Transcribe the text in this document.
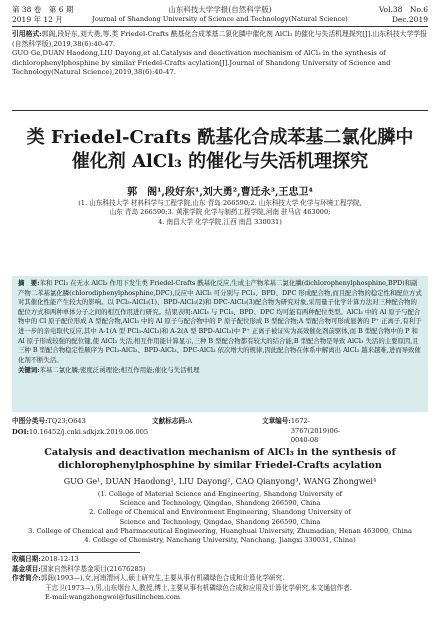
第 38 卷　第 6 期	山东科技大学学报(自然科学版)	Vol.38　No.6
2019 年 12 月	Journal of Shandong University of Science and Technology(Natural Science)	Dec.2019
引用格式:郭阁,段好东,刘大勇,等.类 Friedel-Crafts 酰基化合成苯基二氯化膦中催化剂 AlCl₃ 的催化与失活机理探究[J].山东科技大学学报(自然科学版),2019,38(6):40-47.
GUO Ge,DUAN Haodong,LIU Dayong,et al.Catalysis and deactivation mechanism of AlCl₃ in the synthesis of dichlorophenylphosphine by similar Friedel-Crafts acylation[J].Journal of Shandong University of Science and Technology(Natural Science),2019,38(6):40-47.
类 Friedel-Crafts 酰基化合成苯基二氯化膦中
催化剂 AlCl₃ 的催化与失活机理探究
郭　阁¹,段好东¹,刘大勇²,曹迁永³,王忠卫⁴
(1. 山东科技大学 材料科学与工程学院,山东 青岛 266590;2. 山东科技大学 化学与环境工程学院,
山东 青岛 266590;3. 黄淮学院 化学与制药工程学院,河南 驻马店 463000;
4. 南昌大学 化学学院,江西 南昌 330031)
摘　要:苯和 PCl₃ 在无水 AlCl₃ 作用下发生类 Friedel-Crafts 酰基化反应,生成主产物苯基二氯化膦(dichlorophenylphosphine,BPD)和副产物二苯基氯化膦(chlorodiphenylphosphine,DPC),反应中 AlCl₃ 可分别与 PCl₃、BPD、DPC 形成配合物,而且配合物的稳定性和配位方式对其催化性能产生较大的影响。以 PCl₃-AlCl₃(1)、BPD-AlCl₃(2)和 DPC-AlCl₃(3)配合物为研究对象,采用量子化学计算方法对三种配合物的配位方式和两种单体分子之间的相互作用进行研究。结果表明:AlCl₃ 与 PCl₃、BPD、DPC 均可能有两种配位类型。AlCl₃ 中的 Al 原子与配合物中的 Cl 原子配位形成 A 型配合物,AlCl₃ 中的 Al 原子与配合物中的 P 原子配位形成 B 型配合物;A 型配合物可形成显著的 P⁺ 正离子,有利于进一步的亲电取代反应,其中 A-1(A 型 PCl₃-AlCl₃)和 A-2(A 型 BPD-AlCl₃)中 P⁺ 正离子被证实为高效催化剂前驱体,而 B 型配合物中的 P 和 Al 原子形成较强的配位键,使 AlCl₃ 失活,相互作用能计算显示,三种 B 型配合物都有较大的结合能,B 型配合物是导致 AlCl₃ 失活的主要原因,且三种 B 型配合物稳定性顺序为 PCl₃-AlCl₃、BPD-AlCl₃、DPC-AlCl₃ 依次增大的规律,因此配合物在体系中解离出 AlCl₃ 越来越难,进而导致催化剂不断失活。
关键词:苯基二氯化膦;密度泛函理论;相互作用能;催化与失活机理
中图分类号: TQ23;O643	文献标志码: A	文章编号: 1672-3767(2019)06-0040-08
DOI: 10.16452/j.cnki.sdkjzk.2019.06.005
Catalysis and deactivation mechanism of AlCl₃ in the synthesis of
dichlorophenylphosphine by similar Friedel-Crafts acylation
GUO Ge¹, DUAN Haodong¹, LIU Dayong², CAO Qianyong³, WANG Zhongwei⁴
(1. College of Material Science and Engineering, Shandong University of
Science and Technology, Qingdao, Shandong 266590, China
2. College of Chemical and Environment Engineering, Shandong University of
Science and Technology, Qingdao, Shandong 266590, China
3. College of Chemical and Pharmaceutical Engineering, Huanghuai University, Zhumadian, Henan 463000, China
4. College of Chemistry, Nanchang University, Nanchang, Jiangxi 330031, China)
收稿日期:2018-12-13
基金项目:国家自然科学基金项目(21676285)
作者简介:郭阁(1993—),女,河南渭河人,硕士研究生,主要从事有机磷绿色合成和计算化学研究.
王忠卫(1973—),男,山东烟台人,教授,博士,主要从事有机磷绿色合成和应用及计算化学研究,本文通信作者.
E-mail:wangzhongwei@fusilinchem.com
